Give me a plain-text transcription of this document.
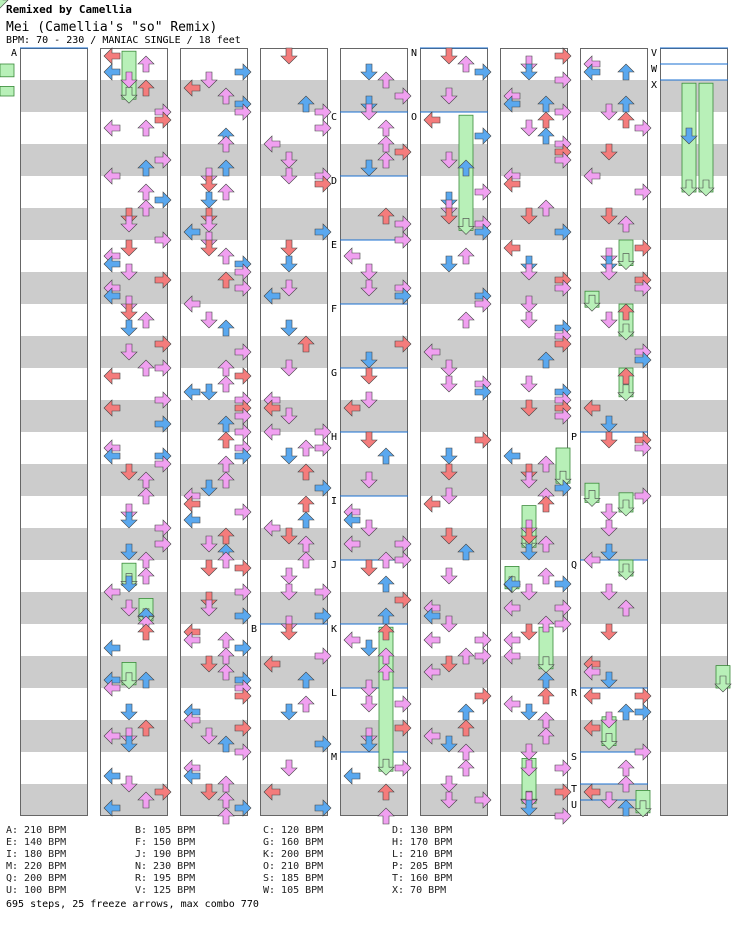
Remixed by Camellia
Mei (Camellia's "so" Remix)
BPM: 70 - 230 / MANIAC SINGLE / 18 feet
A
B
C
D
E
F
G
H
I
J
K
L
M
N
O
P
Q
R
S
T
U
V
W
X
A: 210 BPM	B: 105 BPM	C: 120 BPM	D: 130 BPM
E: 140 BPM	F: 150 BPM	G: 160 BPM	H: 170 BPM
I: 180 BPM	J: 190 BPM	K: 200 BPM	L: 210 BPM
M: 220 BPM	N: 230 BPM	O: 210 BPM	P: 205 BPM
Q: 200 BPM	R: 195 BPM	S: 185 BPM	T: 160 BPM
U: 100 BPM	V: 125 BPM	W: 105 BPM	X: 70 BPM
695 steps, 25 freeze arrows, max combo 770
